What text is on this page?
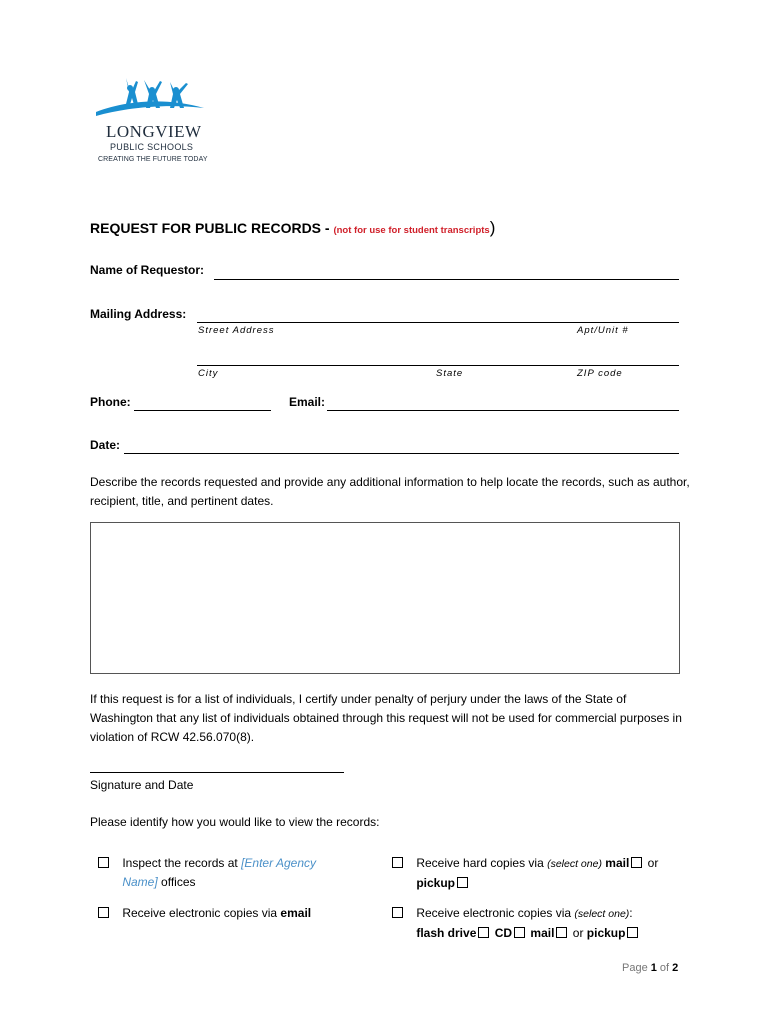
LONGVIEW
PUBLIC SCHOOLS
CREATING THE FUTURE TODAY
REQUEST FOR PUBLIC RECORDS - (not for use for student transcripts)
Name of Requestor:
Mailing Address:
Street Address	Apt/Unit #
City	State	ZIP code
Phone:	Email:
Date:
Describe the records requested and provide any additional information to help locate the records, such as author, recipient, title, and pertinent dates.
If this request is for a list of individuals, I certify under penalty of perjury under the laws of the State of Washington that any list of individuals obtained through this request will not be used for commercial purposes in violation of RCW 42.56.070(8).
Signature and Date
Please identify how you would like to view the records:
Inspect the records at [Enter Agency Name] offices
Receive hard copies via (select one) mail or
pickup
Receive electronic copies via email	Receive electronic copies via (select one):
flash drive CD mail or pickup
Page 1 of 2
